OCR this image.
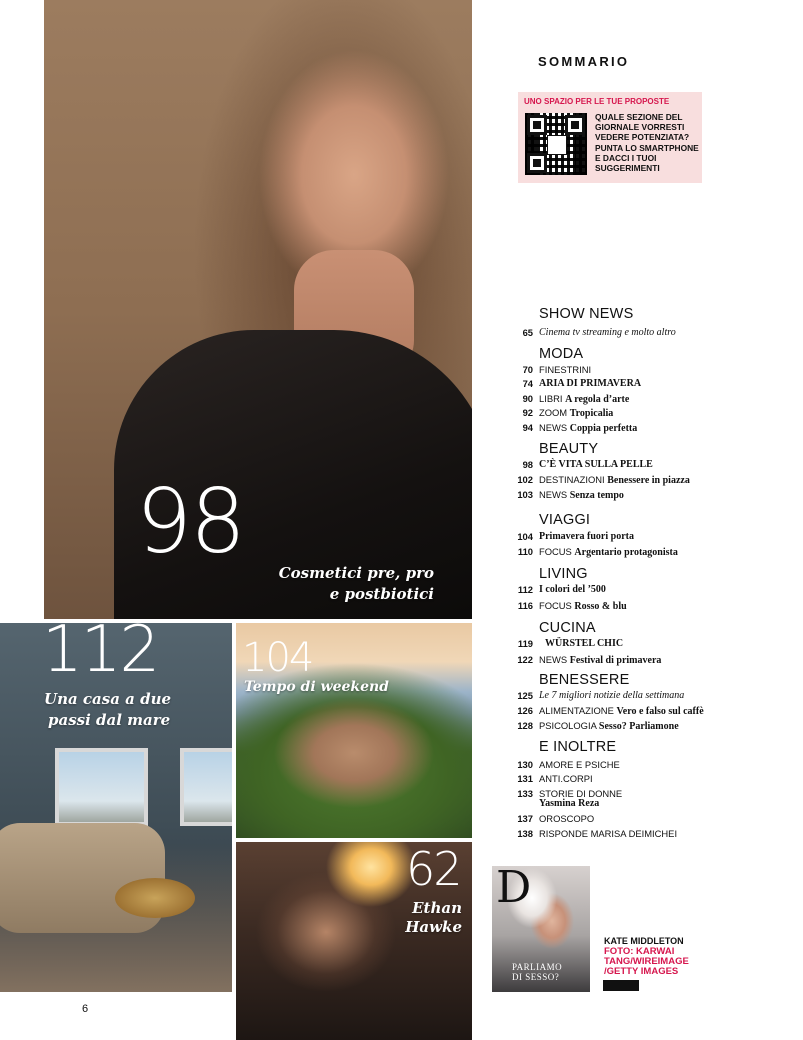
98	Cosmetici pre, pro
e postbiotici
112
Una casa a due
passi dal mare
104
Tempo di weekend
62
Ethan
Hawke
D
PARLIAMO
DI SESSO?
SOMMARIO
UNO SPAZIO PER LE TUE PROPOSTE
QUALE SEZIONE DEL GIORNALE VORRESTI VEDERE POTENZIATA? PUNTA LO SMARTPHONE E DACCI I TUOI SUGGERIMENTI
SHOW NEWS
65 Cinema tv streaming e molto altro
MODA
70 FINESTRINI
74 ARIA DI PRIMAVERA
90 LIBRI A regola d’arte
92 ZOOM Tropicalia
94 NEWS Coppia perfetta
BEAUTY
98 C’È VITA SULLA PELLE
102 DESTINAZIONI Benessere in piazza
103 NEWS Senza tempo
VIAGGI
104 Primavera fuori porta
110 FOCUS Argentario protagonista
LIVING
112 I colori del ’500
116 FOCUS Rosso & blu
CUCINA
119 WÜRSTEL CHIC
122 NEWS Festival di primavera
BENESSERE
125 Le 7 migliori notizie della settimana
126 ALIMENTAZIONE Vero e falso sul caffè
128 PSICOLOGIA Sesso? Parliamone
E INOLTRE
130 AMORE E PSICHE
131 ANTI.CORPI
133 STORIE DI DONNE
Yasmina Reza
137 OROSCOPO
138 RISPONDE MARISA DEIMICHEI
KATE MIDDLETON
FOTO: KARWAI TANG/WIREIMAGE /GETTY IMAGES
6
